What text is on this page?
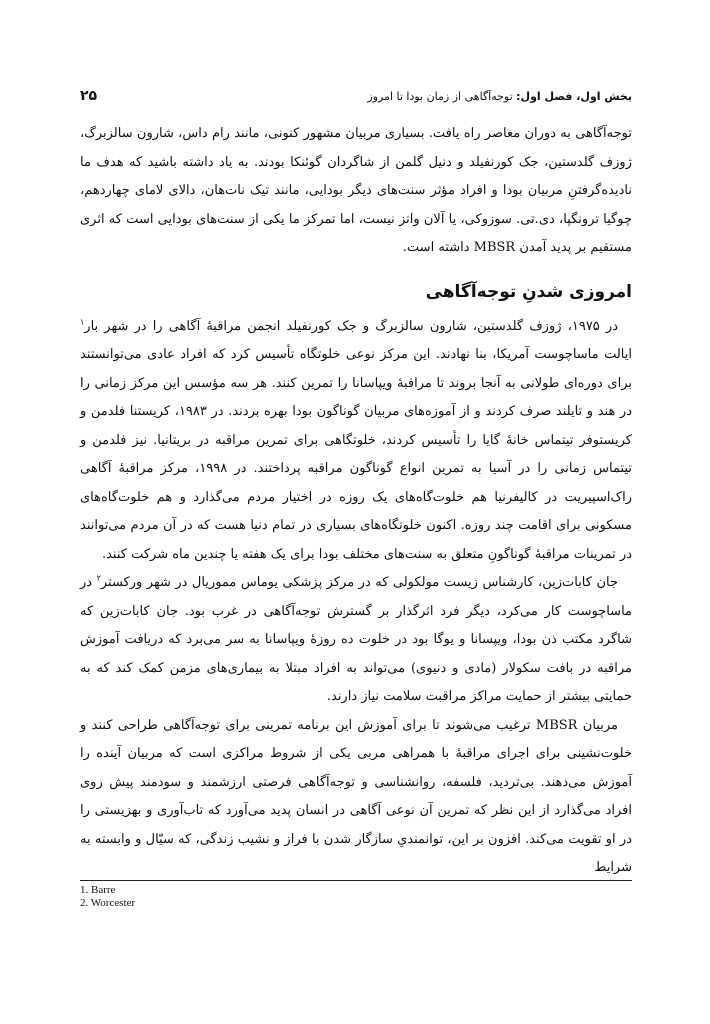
۲۵	بخش اول، فصل اول: توجه‌آگاهی از زمان بودا تا امروز

توجه‌آگاهی به دوران معاصر راه یافت. بسیاری مربیان مشهور کنونی، مانند رام داس، شارون سالزبرگ، ژوزف گلدستین، جک کورنفیلد و دنیل گلمن از شاگردان گوئنکا بودند. به یاد داشته باشید که هدف ما نادیده‌گرفتنِ مربیان بودا و افراد مؤثر سنت‌های دیگر بودایی، مانند تیک نات‌هان، دالای لامای چهاردهم، چوگیا ترونگپا، دی.تی. سوزوکی، یا آلان واتز نیست، اما تمرکز ما یکی از سنت‌های بودایی است که اثری مستقیم بر پدید آمدن MBSR داشته است.

امروزی شدنِ توجه‌آگاهی

در ۱۹۷۵، ژوزف گلدستین، شارون سالزبرگ و جک کورنفیلد انجمن مراقبهٔ آگاهی را در شهر بار$^۱$ ایالت ماساچوست آمریکا، بنا نهادند. این مرکز نوعی خلوتگاه تأسیس کرد که افراد عادی می‌توانستند برای دوره‌ای طولانی به آنجا بروند تا مراقبهٔ ویپاسانا را تمرین کنند. هر سه مؤسس این مرکز زمانی را در هند و تایلند صرف کردند و از آموزه‌های مربیان گوناگون بودا بهره بردند. در ۱۹۸۳، کریستنا فلدمن و کریستوفر تیتماس خانهٔ گایا را تأسیس کردند، خلوتگاهی برای تمرین مراقبه در بریتانیا. نیز فلدمن و تیتماس زمانی را در آسیا به تمرین انواع گوناگون مراقبه پرداختند. در ۱۹۹۸، مرکز مراقبهٔ آگاهی راک‌اسپیریت در کالیفرنیا هم خلوت‌گاه‌های یک روزه در اختیار مردم می‌گذارد و هم خلوت‌گاه‌های مسکونی برای اقامت چند روزه. اکنون خلوتگاه‌های بسیاری در تمام دنیا هست که در آن مردم می‌توانند در تمرینات مراقبهٔ گوناگونِ متعلق به سنت‌های مختلف بودا برای یک هفته یا چندین ماه شرکت کنند.

جان کابات‌زین، کارشناس زیست مولکولی که در مرکز پزشکی یوماس مموریال در شهر ورکستر$^۲$ در ماساچوست کار می‌کرد، دیگر فرد اثرگذار بر گسترش توجه‌آگاهی در غرب بود. جان کابات‌زین که شاگرد مکتب ذن بودا، ویپسانا و یوگا بود در خلوت ده روزهٔ ویپاسانا به سر می‌برد که دریافت آموزش مراقبه در بافت سکولار (مادی و دنیوی) می‌تواند به افراد مبتلا به بیماری‌های مزمن کمک کند که به حمایتی بیشتر از حمایت مراکز مراقبت سلامت نیاز دارند.

مربیان MBSR ترغیب می‌شوند تا برای آموزش این برنامه تمرینی برای توجه‌آگاهی طراحی کنند و خلوت‌نشینی برای اجرای مراقبهٔ با همراهی مربی یکی از شروط مراکزی است که مربیان آینده را آموزش می‌دهند. بی‌تردید، فلسفه، روانشناسی و توجه‌آگاهی فرصتی ارزشمند و سودمند پیش روی افراد می‌گذارد از این نظر که تمرین آن نوعی آگاهی در انسان پدید می‌آورد که تاب‌آوری و بهزیستی را در او تقویت می‌کند. افزون بر این، توانمندیِ سازگار شدن با فراز و نشیب زندگی، که سیّال و وابسته به شرایط

1. Barre
2. Worcester
